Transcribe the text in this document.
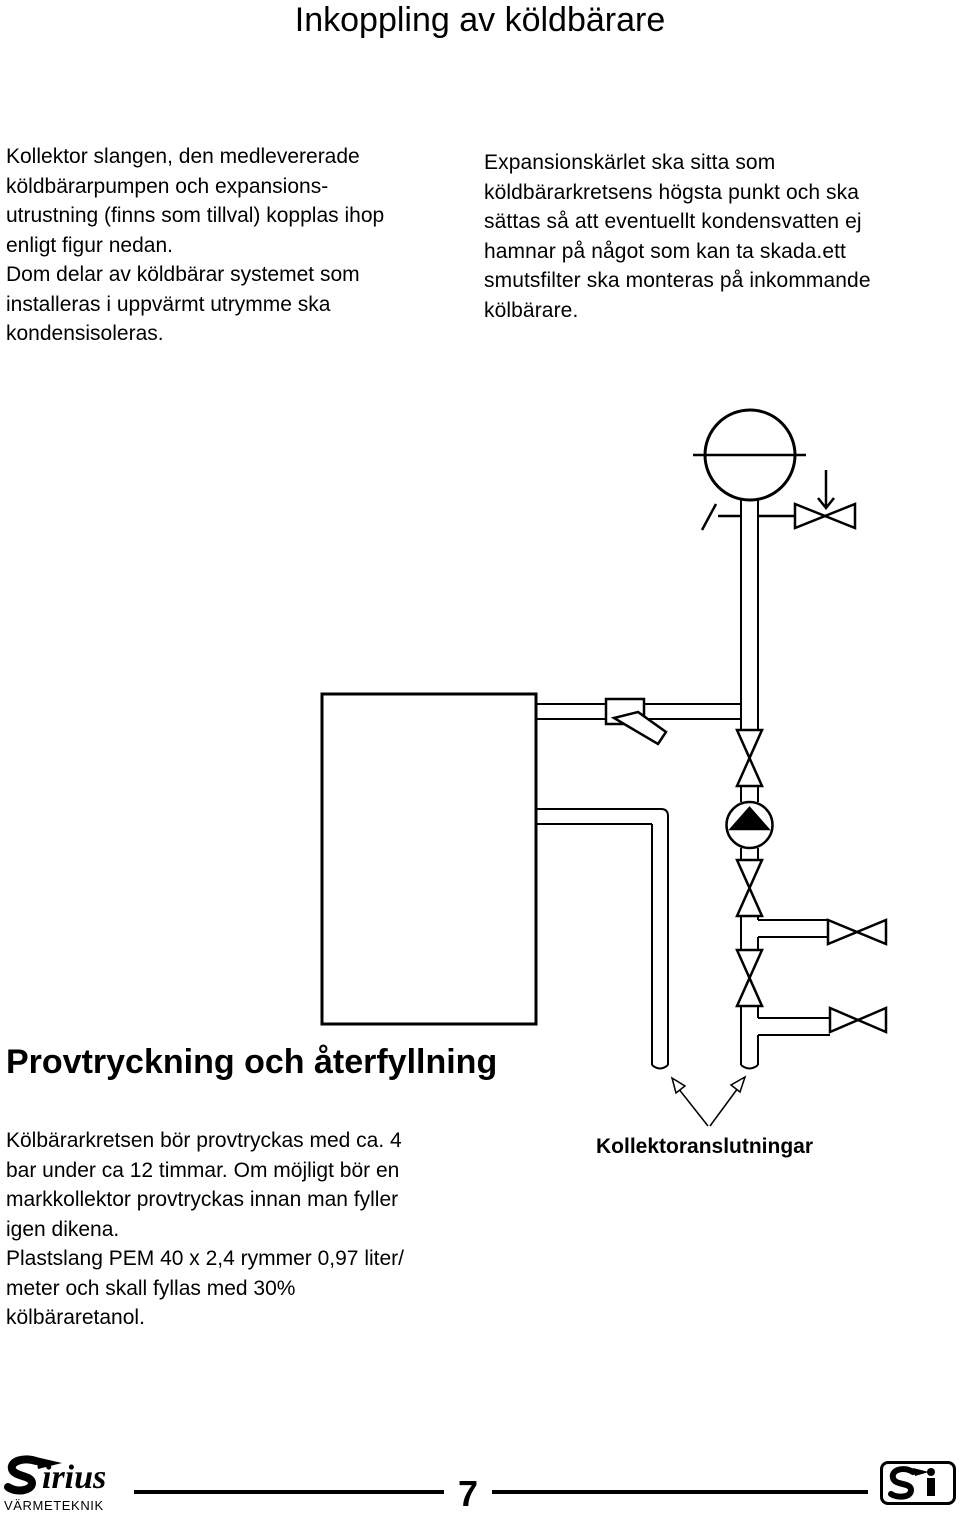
Inkoppling av köldbärare

Kollektor slangen, den medlevererade
köldbärarpumpen och expansions-
utrustning (finns som tillval) kopplas ihop
enligt figur nedan.
Dom delar av köldbärar systemet som
installeras i uppvärmt utrymme ska
kondensisoleras.

Expansionskärlet ska sitta som
köldbärarkretsens högsta punkt och ska
sättas så att eventuellt kondensvatten ej
hamnar på något som kan ta skada.ett
smutsfilter ska monteras på inkommande
kölbärare.

Provtryckning och återfyllning

Kölbärarkretsen bör provtryckas med ca. 4
bar under ca 12 timmar. Om möjligt bör en
markkollektor provtryckas innan man fyller
igen dikena.
Plastslang PEM 40 x 2,4 rymmer 0,97 liter/
meter och skall fyllas med 30%
kölbäraretanol.

Kollektoranslutningar
irius
VÄRMETEKNIK	7
